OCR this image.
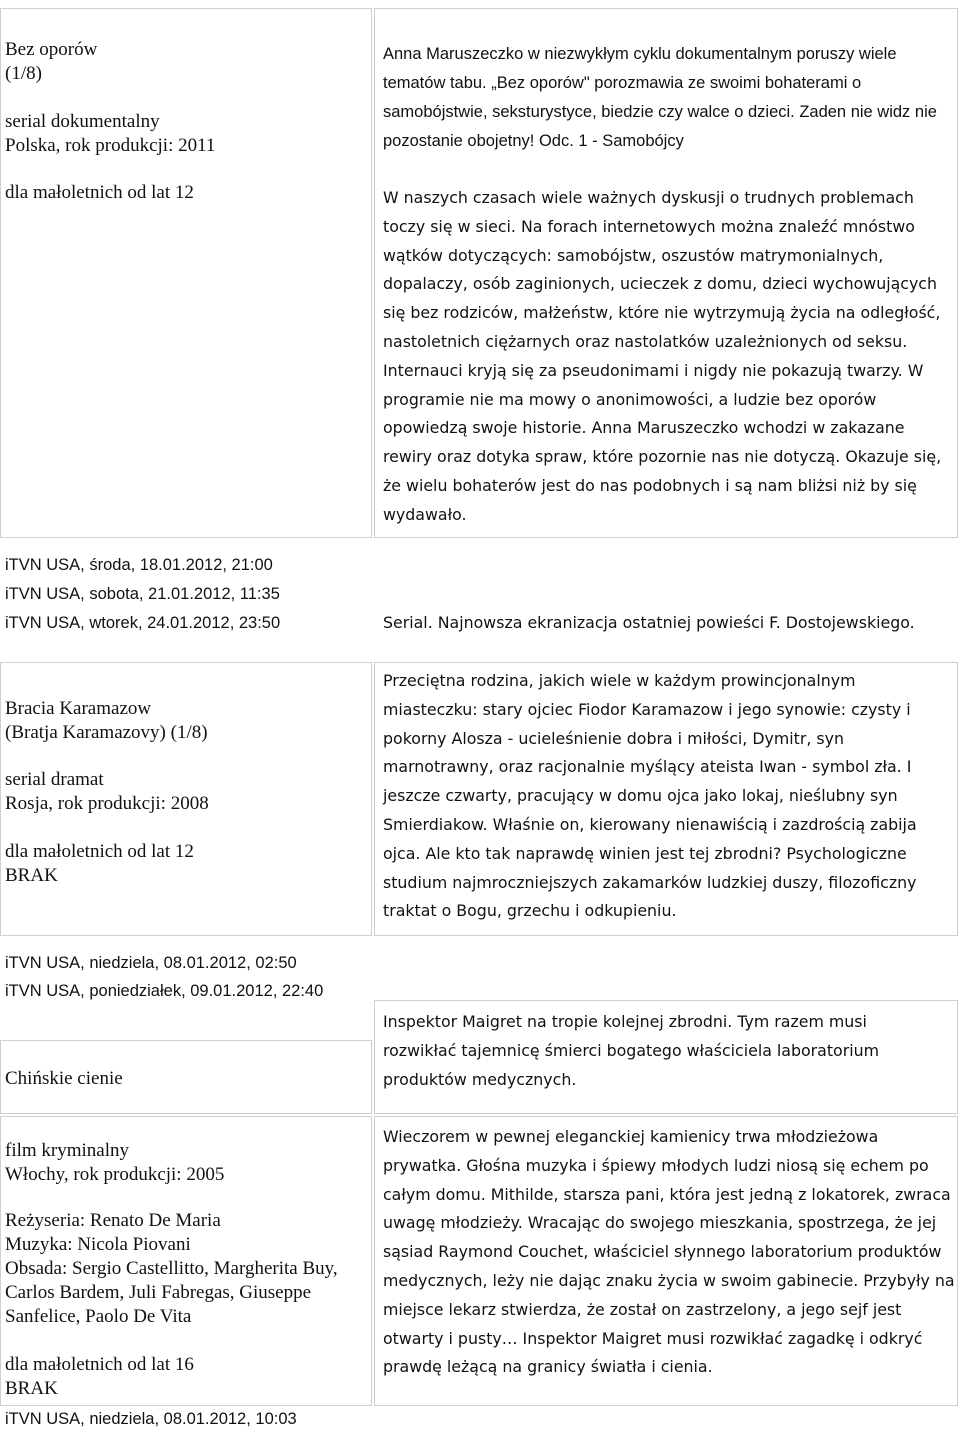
Bez oporów
(1/8)
serial dokumentalny
Polska, rok produkcji: 2011
dla małoletnich od lat 12
Anna Maruszeczko w niezwykłym cyklu dokumentalnym poruszy wiele tematów tabu. „Bez oporów" porozmawia ze swoimi bohaterami o samobójstwie, seksturystyce, biedzie czy walce o dzieci. Zaden nie widz nie pozostanie obojetny! Odc. 1 - Samobójcy
W naszych czasach wiele ważnych dyskusji o trudnych problemach toczy się w sieci. Na forach internetowych można znaleźć mnóstwo wątków dotyczących: samobójstw, oszustów matrymonialnych, dopalaczy, osób zaginionych, ucieczek z domu, dzieci wychowujących się bez rodziców, małżeństw, które nie wytrzymują życia na odległość, nastoletnich ciężarnych oraz nastolatków uzależnionych od seksu. Internauci kryją się za pseudonimami i nigdy nie pokazują twarzy. W programie nie ma mowy o anonimowości, a ludzie bez oporów opowiedzą swoje historie. Anna Maruszeczko wchodzi w zakazane rewiry oraz dotyka spraw, które pozornie nas nie dotyczą. Okazuje się, że wielu bohaterów jest do nas podobnych i są nam bliżsi niż by się wydawało.
iTVN USA, środa, 18.01.2012, 21:00
iTVN USA, sobota, 21.01.2012, 11:35
iTVN USA, wtorek, 24.01.2012, 23:50	Serial. Najnowsza ekranizacja ostatniej powieści F. Dostojewskiego.
Bracia Karamazow
(Bratja Karamazovy) (1/8)
serial dramat
Rosja, rok produkcji: 2008
dla małoletnich od lat 12
BRAK
Przeciętna rodzina, jakich wiele w każdym prowincjonalnym miasteczku: stary ojciec Fiodor Karamazow i jego synowie: czysty i pokorny Alosza - ucieleśnienie dobra i miłości, Dymitr, syn marnotrawny, oraz racjonalnie myślący ateista Iwan - symbol zła. I jeszcze czwarty, pracujący w domu ojca jako lokaj, nieślubny syn Smierdiakow. Właśnie on, kierowany nienawiścią i zazdrością zabija ojca. Ale kto tak naprawdę winien jest tej zbrodni? Psychologiczne studium najmroczniejszych zakamarków ludzkiej duszy, filozoficzny traktat o Bogu, grzechu i odkupieniu.
iTVN USA, niedziela, 08.01.2012, 02:50
iTVN USA, poniedziałek, 09.01.2012, 22:40
Chińskie cienie
Inspektor Maigret na tropie kolejnej zbrodni. Tym razem musi rozwikłać tajemnicę śmierci bogatego właściciela laboratorium produktów medycznych.
film kryminalny
Włochy, rok produkcji: 2005
Reżyseria: Renato De Maria
Muzyka: Nicola Piovani
Obsada: Sergio Castellitto, Margherita Buy, Carlos Bardem, Juli Fabregas, Giuseppe Sanfelice, Paolo De Vita
dla małoletnich od lat 16
BRAK
Wieczorem w pewnej eleganckiej kamienicy trwa młodzieżowa prywatka. Głośna muzyka i śpiewy młodych ludzi niosą się echem po całym domu. Mithilde, starsza pani, która jest jedną z lokatorek, zwraca uwagę młodzieży. Wracając do swojego mieszkania, spostrzega, że jej sąsiad Raymond Couchet, właściciel słynnego laboratorium produktów medycznych, leży nie dając znaku życia w swoim gabinecie. Przybyły na miejsce lekarz stwierdza, że został on zastrzelony, a jego sejf jest otwarty i pusty… Inspektor Maigret musi rozwikłać zagadkę i odkryć prawdę leżącą na granicy światła i cienia.
iTVN USA, niedziela, 08.01.2012, 10:03
